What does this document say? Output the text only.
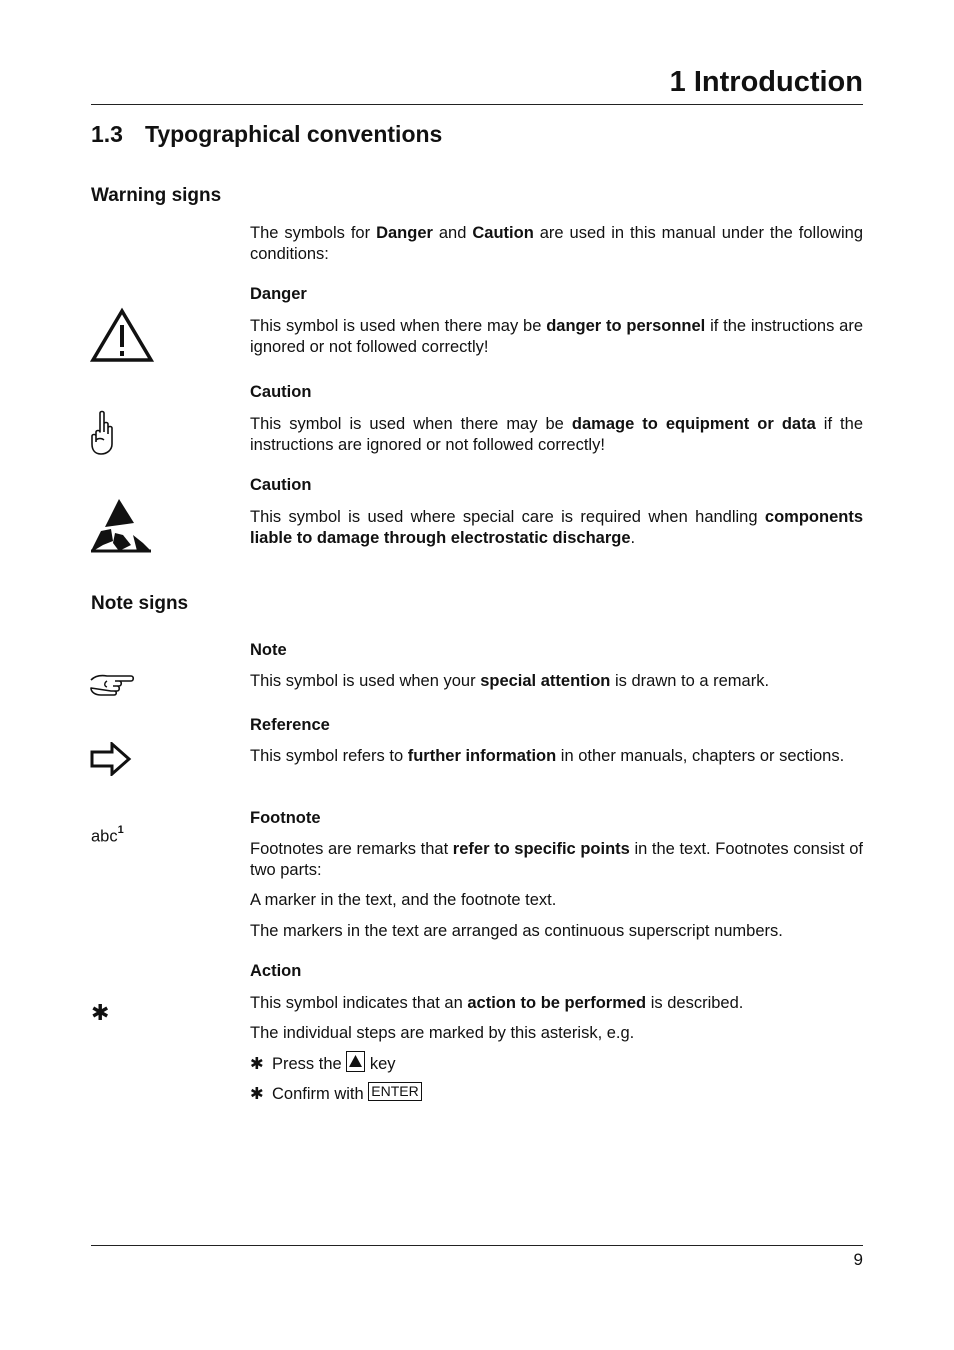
1 Introduction
1.3 Typographical conventions
Warning signs
The symbols for Danger and Caution are used in this manual under the following conditions:
Danger
This symbol is used when there may be danger to personnel if the instructions are ignored or not followed correctly!
Caution
This symbol is used when there may be damage to equipment or data if the instructions are ignored or not followed correctly!
Caution
This symbol is used where special care is required when handling components liable to damage through electrostatic discharge.
Note signs
Note
This symbol is used when your special attention is drawn to a remark.
Reference
This symbol refers to further information in other manuals, chapters or sections.
Footnote
abc$^1$
Footnotes are remarks that refer to specific points in the text. Footnotes consist of two parts:
A marker in the text, and the footnote text.
The markers in the text are arranged as continuous superscript numbers.
Action
✱	This symbol indicates that an action to be performed is described.
The individual steps are marked by this asterisk, e.g.
✱ Press the  key
✱ Confirm with ENTER
9
